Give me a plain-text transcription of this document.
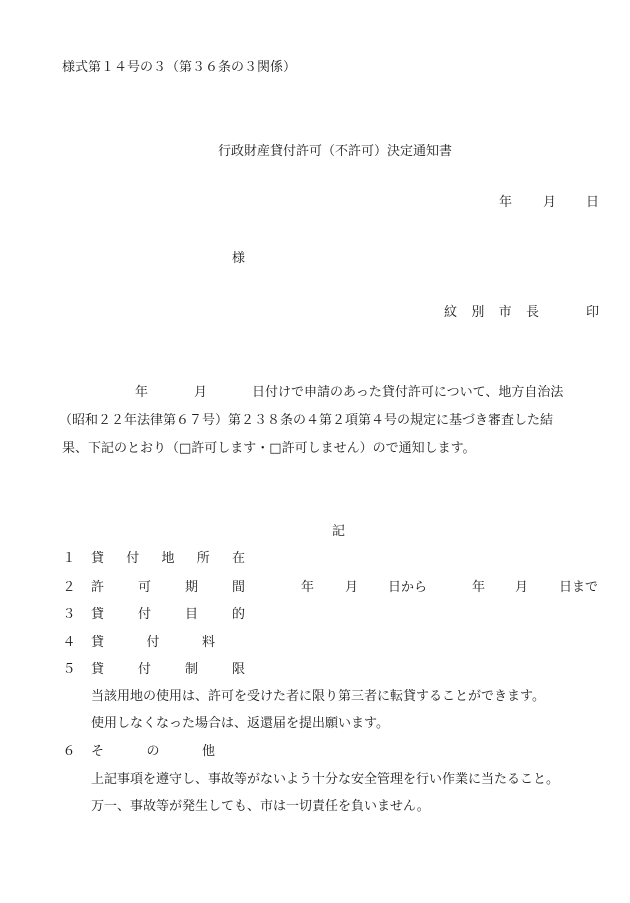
様式第１４号の３（第３６条の３関係）
行政財産貸付許可（不許可）決定通知書
年 月 日
様
紋 別 市 長	印
年	月	日付けで申請のあった貸付許可について、地方自治法
（昭和２２年法律第６７号）第２３８条の４第２項第４号の規定に基づき審査した結
果、下記のとおり（□許可します・□許可しません）ので通知します。
記
１ 貸 付 地 所 在
２ 許	可	期	間	年 月 日から	年 月 日まで
３ 貸	付	目	的
４ 貸	付	料
５ 貸	付	制	限
当該用地の使用は、許可を受けた者に限り第三者に転貸することができます。
使用しなくなった場合は、返還届を提出願います。
６ そ	の	他
上記事項を遵守し、事故等がないよう十分な安全管理を行い作業に当たること。
万一、事故等が発生しても、市は一切責任を負いません。
